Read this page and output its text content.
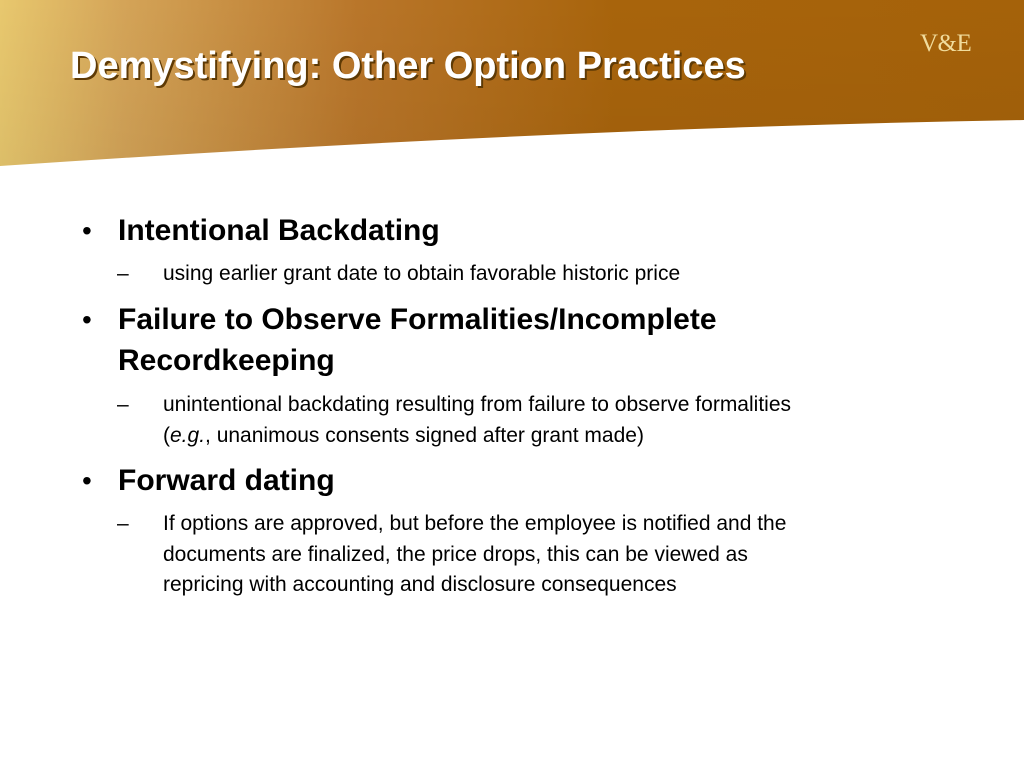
Demystifying: Other Option Practices
V&E
• Intentional Backdating
– using earlier grant date to obtain favorable historic price
• Failure to Observe Formalities/Incomplete
Recordkeeping
– unintentional backdating resulting from failure to observe formalities
(e.g., unanimous consents signed after grant made)
• Forward dating
– If options are approved, but before the employee is notified and the
documents are finalized, the price drops, this can be viewed as
repricing with accounting and disclosure consequences
